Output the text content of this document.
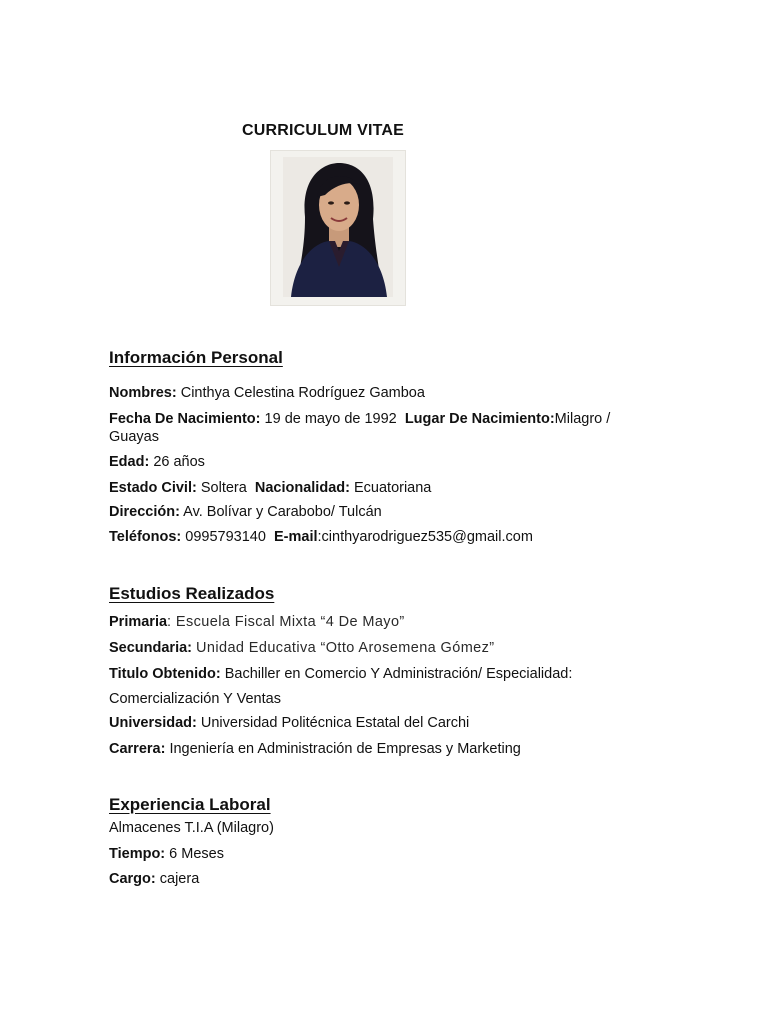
CURRICULUM VITAE
Información Personal
Nombres: Cinthya Celestina Rodríguez Gamboa
Fecha De Nacimiento: 19 de mayo de 1992 Lugar De Nacimiento:Milagro /
Guayas
Edad: 26 años
Estado Civil: Soltera Nacionalidad: Ecuatoriana
Dirección: Av. Bolívar y Carabobo/ Tulcán
Teléfonos: 0995793140 E-mail:cinthyarodriguez535@gmail.com
Estudios Realizados
Primaria: Escuela Fiscal Mixta “4 De Mayo”
Secundaria: Unidad Educativa “Otto Arosemena Gómez”
Titulo Obtenido: Bachiller en Comercio Y Administración/ Especialidad:
Comercialización Y Ventas
Universidad: Universidad Politécnica Estatal del Carchi
Carrera: Ingeniería en Administración de Empresas y Marketing
Experiencia Laboral
Almacenes T.I.A (Milagro)
Tiempo: 6 Meses
Cargo: cajera
